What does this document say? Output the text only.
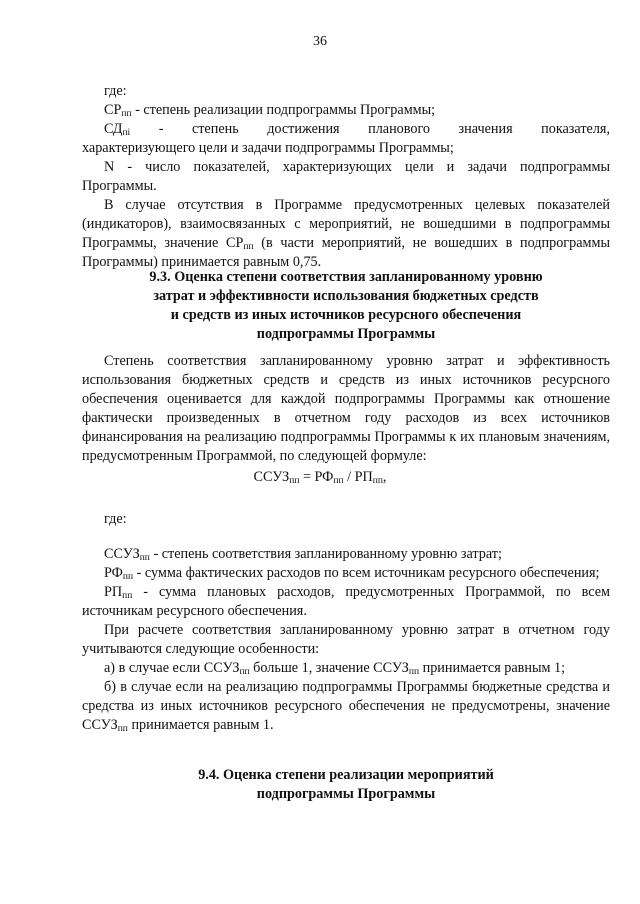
36

где:

$СР_{пп}$ - степень реализации подпрограммы Программы;

$СД_{пі}$ - степень достижения планового значения показателя,

характеризующего цели и задачи подпрограммы Программы;

N - число показателей, характеризующих цели и задачи подпрограммы Программы.

В случае отсутствия в Программе предусмотренных целевых показателей (индикаторов), взаимосвязанных с мероприятий, не вошедшими в подпрограммы Программы, значение $СР_{пп}$ (в части мероприятий, не вошедших в подпрограммы Программы) принимается равным 0,75.

9.3. Оценка степени соответствия запланированному уровню
затрат и эффективности использования бюджетных средств
и средств из иных источников ресурсного обеспечения
подпрограммы Программы

Степень соответствия запланированному уровню затрат и эффективность использования бюджетных средств и средств из иных источников ресурсного обеспечения оценивается для каждой подпрограммы Программы как отношение фактически произведенных в отчетном году расходов из всех источников финансирования на реализацию подпрограммы Программы к их плановым значениям, предусмотренным Программой, по следующей формуле:

$ССУЗ_{пп} = РФ_{пп} / РП_{пп}$,

где:

$ССУЗ_{пп}$ - степень соответствия запланированному уровню затрат;

$РФ_{пп}$ - сумма фактических расходов по всем источникам ресурсного обеспечения;

$РП_{пп}$ - сумма плановых расходов, предусмотренных Программой, по всем источникам ресурсного обеспечения.

При расчете соответствия запланированному уровню затрат в отчетном году учитываются следующие особенности:

а) в случае если $ССУЗ_{пп}$ больше 1, значение $ССУЗ_{пп}$ принимается равным 1;

б) в случае если на реализацию подпрограммы Программы бюджетные средства и средства из иных источников ресурсного обеспечения не предусмотрены, значение $ССУЗ_{пп}$ принимается равным 1.

9.4. Оценка степени реализации мероприятий
подпрограммы Программы
